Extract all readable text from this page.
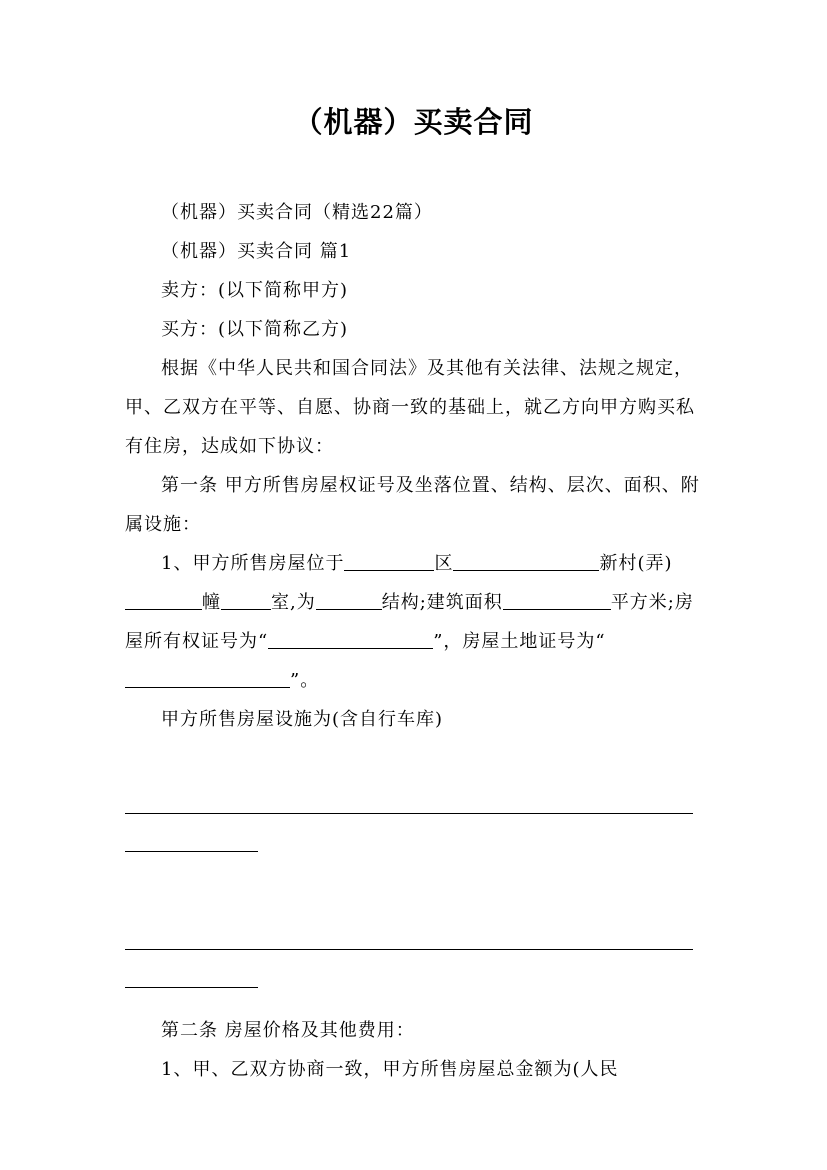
（机器）买卖合同

（机器）买卖合同（精选22篇）

（机器）买卖合同 篇1

卖方：(以下简称甲方)

买方：(以下简称乙方)

根据《中华人民共和国合同法》及其他有关法律、法规之规定，甲、乙双方在平等、自愿、协商一致的基础上，就乙方向甲方购买私有住房，达成如下协议：

第一条 甲方所售房屋权证号及坐落位置、结构、层次、面积、附属设施：

1、甲方所售房屋位于	区	新村(弄)幢	室,为	结构;建筑面积	平方米;房屋所有权证号为“	”，房屋土地证号为“”。

甲方所售房屋设施为(含自行车库)

第二条 房屋价格及其他费用：

1、甲、乙双方协商一致，甲方所售房屋总金额为(人民
